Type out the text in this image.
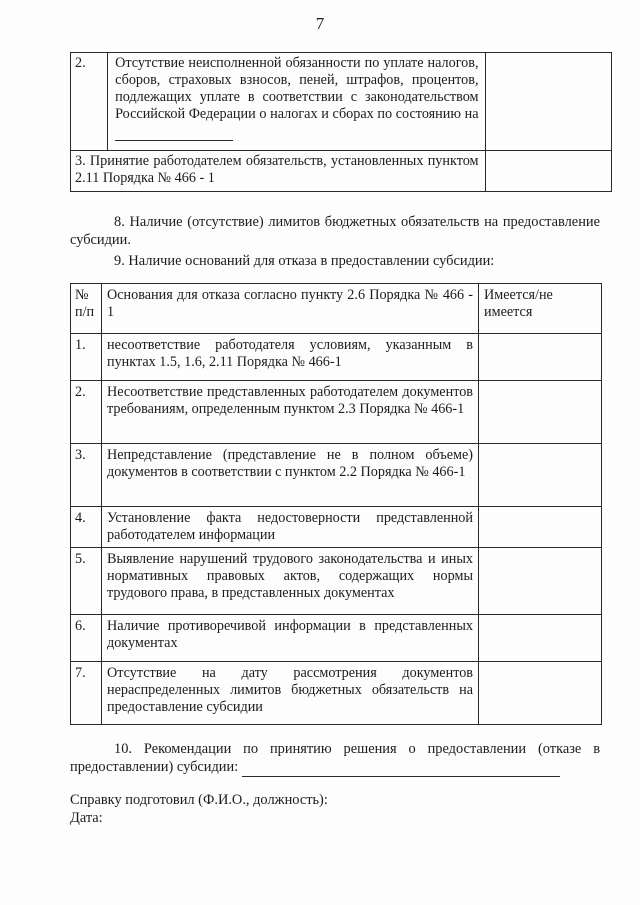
7
2.	Отсутствие неисполненной обязанности по уплате налогов, сборов, страховых взносов, пеней, штрафов, процентов, подлежащих уплате в соответствии с законодательством Российской Федерации о налогах и сборах по состоянию на	
3. Принятие работодателем обязательств, установленных пунктом 2.11 Порядка № 466 - 1		
8. Наличие (отсутствие) лимитов бюджетных обязательств на предоставление субсидии.
9. Наличие оснований для отказа в предоставлении субсидии:
№ п/п	Основания для отказа согласно пункту 2.6 Порядка № 466 - 1	Имеется/не имеется
1.	несоответствие работодателя условиям, указанным в пунктах 1.5, 1.6, 2.11 Порядка № 466-1	
2.	Несоответствие представленных работодателем документов требованиям, определенным пунктом 2.3 Порядка № 466-1	
3.	Непредставление (представление не в полном объеме) документов в соответствии с пунктом 2.2 Порядка № 466-1	
4.	Установление факта недостоверности представленной работодателем информации	
5.	Выявление нарушений трудового законодательства и иных нормативных правовых актов, содержащих нормы трудового права, в представленных документах	
6.	Наличие противоречивой информации в представленных документах	
7.	Отсутствие на дату рассмотрения документов нераспределенных лимитов бюджетных обязательств на предоставление субсидии	
10. Рекомендации по принятию решения о предоставлении (отказе в предоставлении) субсидии:
Справку подготовил (Ф.И.О., должность):
Дата:
